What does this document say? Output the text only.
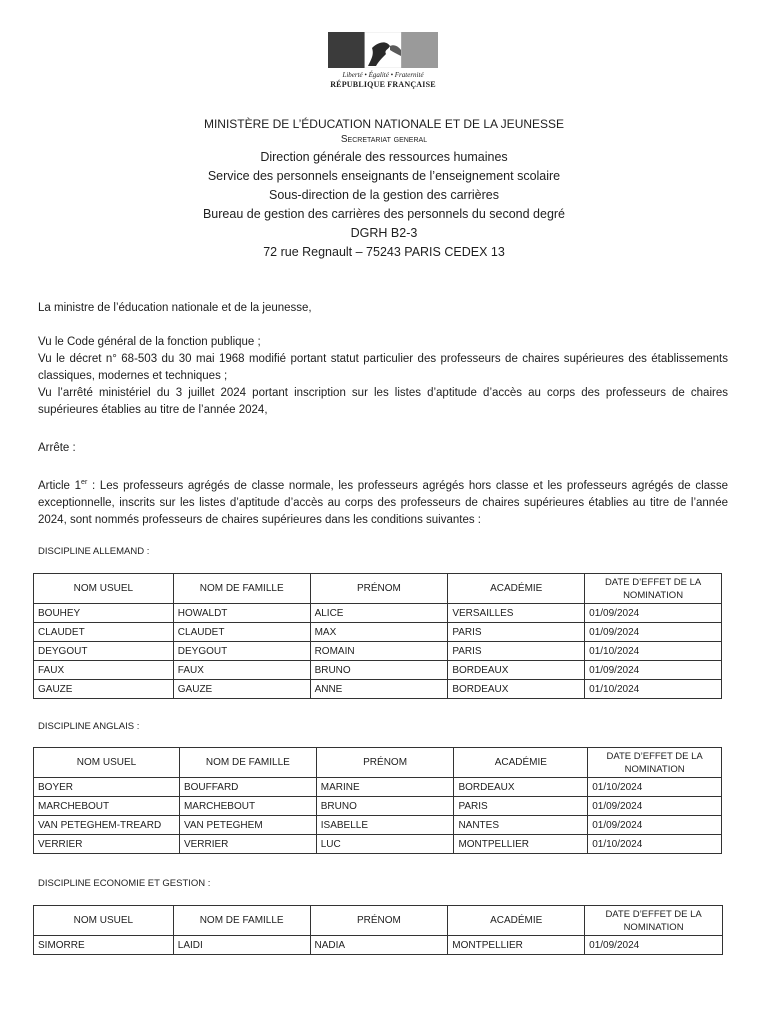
Liberté • Égalité • Fraternité
RÉPUBLIQUE FRANÇAISE
MINISTÈRE DE L’ÉDUCATION NATIONALE ET DE LA JEUNESSE
Secretariat general
Direction générale des ressources humaines
Service des personnels enseignants de l’enseignement scolaire
Sous-direction de la gestion des carrières
Bureau de gestion des carrières des personnels du second degré
DGRH B2-3
72 rue Regnault – 75243 PARIS CEDEX 13
La ministre de l’éducation nationale et de la jeunesse,

Vu le Code général de la fonction publique ;

Vu le décret n° 68-503 du 30 mai 1968 modifié portant statut particulier des professeurs de chaires supérieures des établissements classiques, modernes et techniques ;

Vu l’arrêté ministériel du 3 juillet 2024 portant inscription sur les listes d’aptitude d’accès au corps des professeurs de chaires supérieures établies au titre de l’année 2024,

Arrête :
Article 1er : Les professeurs agrégés de classe normale, les professeurs agrégés hors classe et les professeurs agrégés de classe exceptionnelle, inscrits sur les listes d’aptitude d’accès au corps des professeurs de chaires supérieures établies au titre de l’année 2024, sont nommés professeurs de chaires supérieures dans les conditions suivantes :
DISCIPLINE ALLEMAND :
NOM USUEL	NOM DE FAMILLE	PRÉNOM	ACADÉMIE	DATE D’EFFET DE LA NOMINATION
BOUHEY	HOWALDT	ALICE	VERSAILLES	01/09/2024
CLAUDET	CLAUDET	MAX	PARIS	01/09/2024
DEYGOUT	DEYGOUT	ROMAIN	PARIS	01/10/2024
FAUX	FAUX	BRUNO	BORDEAUX	01/09/2024
GAUZE	GAUZE	ANNE	BORDEAUX	01/10/2024
DISCIPLINE ANGLAIS :
NOM USUEL	NOM DE FAMILLE	PRÉNOM	ACADÉMIE	DATE D’EFFET DE LA NOMINATION
BOYER	BOUFFARD	MARINE	BORDEAUX	01/10/2024
MARCHEBOUT	MARCHEBOUT	BRUNO	PARIS	01/09/2024
VAN PETEGHEM-TREARD	VAN PETEGHEM	ISABELLE	NANTES	01/09/2024
VERRIER	VERRIER	LUC	MONTPELLIER	01/10/2024
DISCIPLINE ECONOMIE ET GESTION :
NOM USUEL	NOM DE FAMILLE	PRÉNOM	ACADÉMIE	DATE D’EFFET DE LA NOMINATION
SIMORRE	LAIDI	NADIA	MONTPELLIER	01/09/2024
